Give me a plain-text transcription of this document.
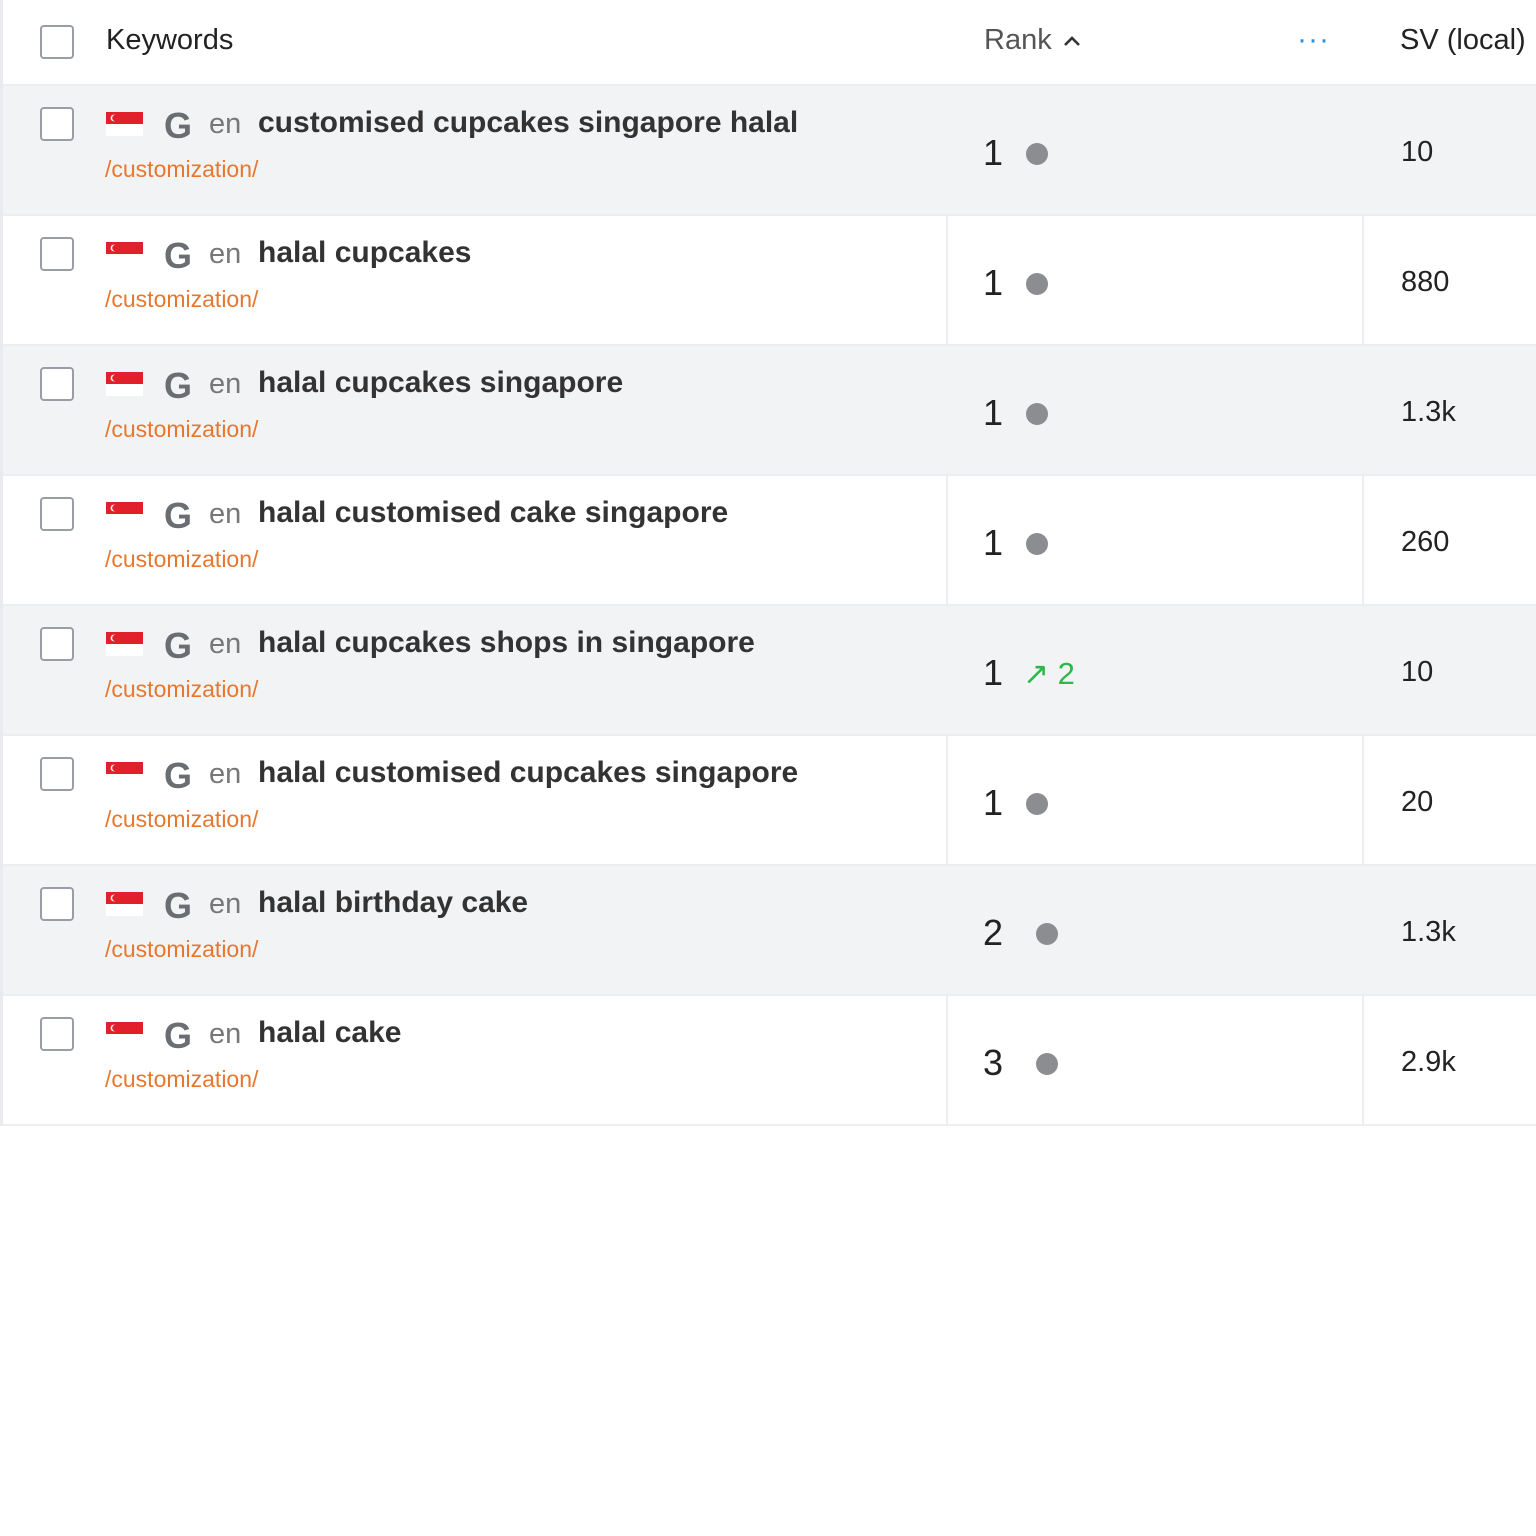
Keywords	Rank	··· SV (local)
G en customised cupcakes singapore halal
/customization/	1	10
G en halal cupcakes
/customization/	1	880
G en halal cupcakes singapore
/customization/	1	1.3k
G en halal customised cake singapore
/customization/	1	260
G en halal cupcakes shops in singapore
/customization/	1 ↗ 2	10
G en halal customised cupcakes singapore
/customization/	1	20
G en halal birthday cake
/customization/	2	1.3k
G en halal cake
/customization/	3	2.9k
